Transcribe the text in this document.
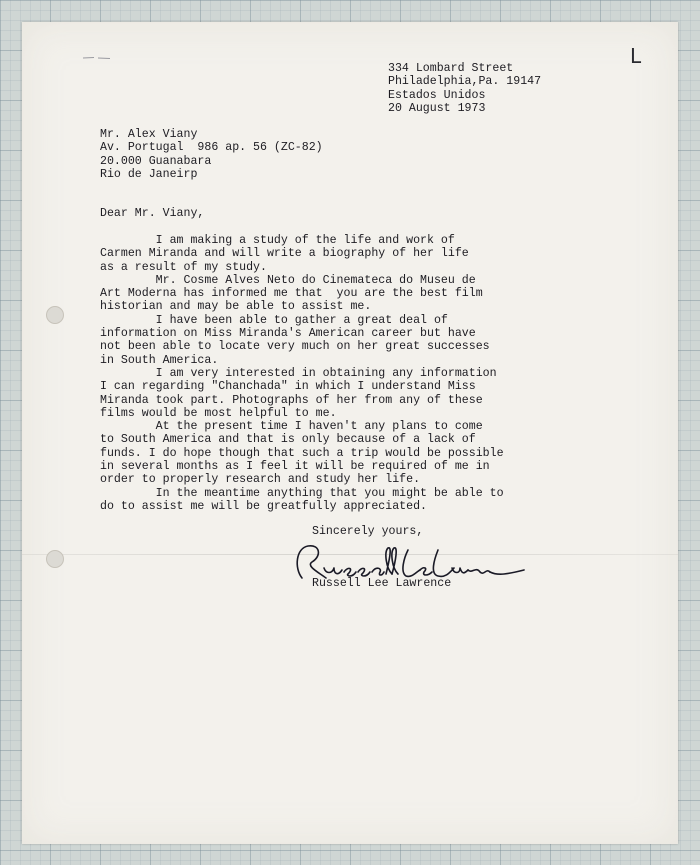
L
334 Lombard Street
Philadelphia,Pa. 19147
Estados Unidos
20 August 1973
Mr. Alex Viany
Av. Portugal  986 ap. 56 (ZC-82)
20.000 Guanabara
Rio de Janeirp
Dear Mr. Viany,
I am making a study of the life and work of
Carmen Miranda and will write a biography of her life
as a result of my study.
Mr. Cosme Alves Neto do Cinemateca do Museu de
Art Moderna has informed me that  you are the best film
historian and may be able to assist me.
I have been able to gather a great deal of
information on Miss Miranda's American career but have
not been able to locate very much on her great successes
in South America.
I am very interested in obtaining any information
I can regarding "Chanchada" in which I understand Miss
Miranda took part. Photographs of her from any of these
films would be most helpful to me.
At the present time I haven't any plans to come
to South America and that is only because of a lack of
funds. I do hope though that such a trip would be possible
in several months as I feel it will be required of me in
order to properly research and study her life.
In the meantime anything that you might be able to
do to assist me will be greatfully appreciated.
Sincerely yours,
Russell Lee Lawrence
